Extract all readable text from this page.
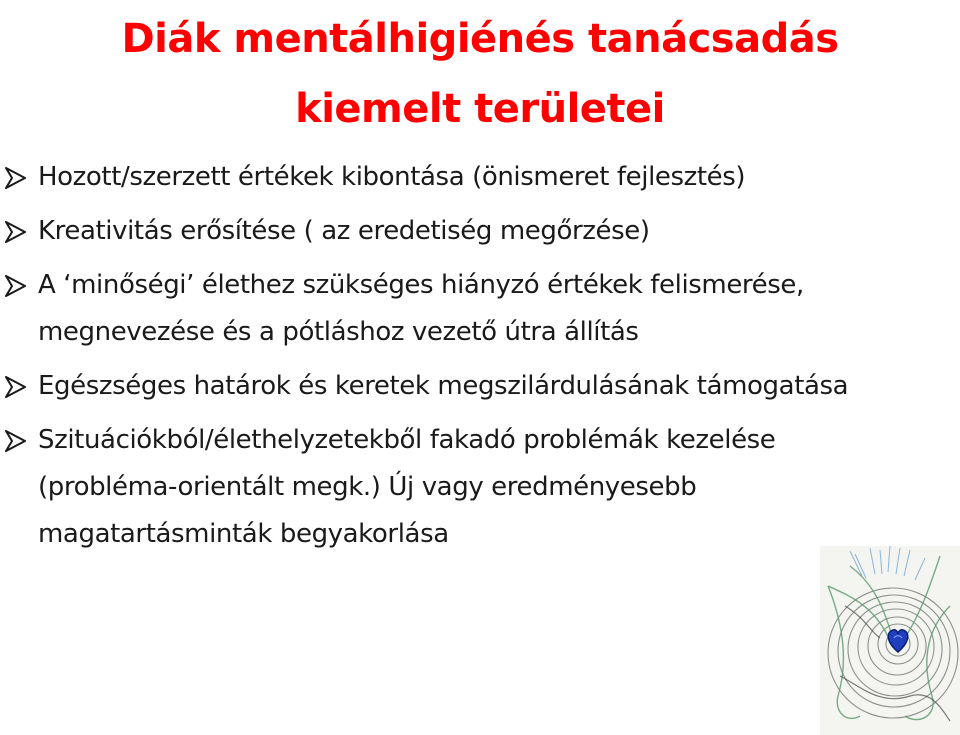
Diák mentálhigiénés tanácsadás
kiemelt területei
Hozott/szerzett értékek kibontása (önismeret fejlesztés)
Kreativitás erősítése ( az eredetiség megőrzése)
A ‘minőségi’ élethez szükséges hiányzó értékek felismerése, megnevezése és a pótláshoz vezető útra állítás
Egészséges határok és keretek megszilárdulásának támogatása
Szituációkból/élethelyzetekből fakadó problémák kezelése (probléma-orientált megk.) Új vagy eredményesebb magatartásminták begyakorlása
